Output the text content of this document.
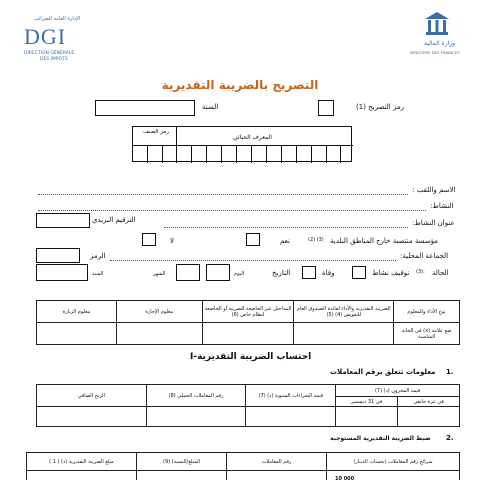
الإدارة العامة للضرائب
DGI
DIRECTION GÉNÉRALE
DES IMPÔTS
وزارة المالية
MINISTÈRE DES FINANCES
التصريح بالضريبة التقديرية
رمز التصريح (1)
السنة
المعرف الجبائي
رمز الصنف
الاسم واللقب :
النشاط:
عنوان النشاط:
الترقيم البريدي
مؤسسة منتصبة خارج المناطق البلدية
(2) (3)
نعم
لا
الجماعة المحلية:
الرمز
الحالة
(3):
توقيف نشاط
وفاة
التاريخ
اليوم
الشهر
السنة
معلوم الزيارة	معلوم الإجازة	المداخيل غير الخاضعة للضريبة أو الخاضعة لنظام خاص (6)	الضريبة التقديرية والأداء لفائدة الصندوق العام للتعويض (4) (5)	نوع الأداء والمعلوم
				ضع علامة (x) في الخانة المناسبة
I-احتساب الضريبة التقديرية
1.
معلومات تتعلق برقم المعاملات
الربح الصافي	رقم المعاملات الجملي (8)	قيمة الشراءات السنوية (د) (7)	قيمة المخزون (د) (7)	
			في 31 ديسمبر	في غرة جانفي

2.
ضبط الضريبة التقديرية المستوجبة
مبلغ الضريبة التقديرية (د) ( 1 )	المبلغ/النسبة) (9)	رقم المعاملات	شرائح رقم المعاملات (بحساب الدينار)
			10 000
